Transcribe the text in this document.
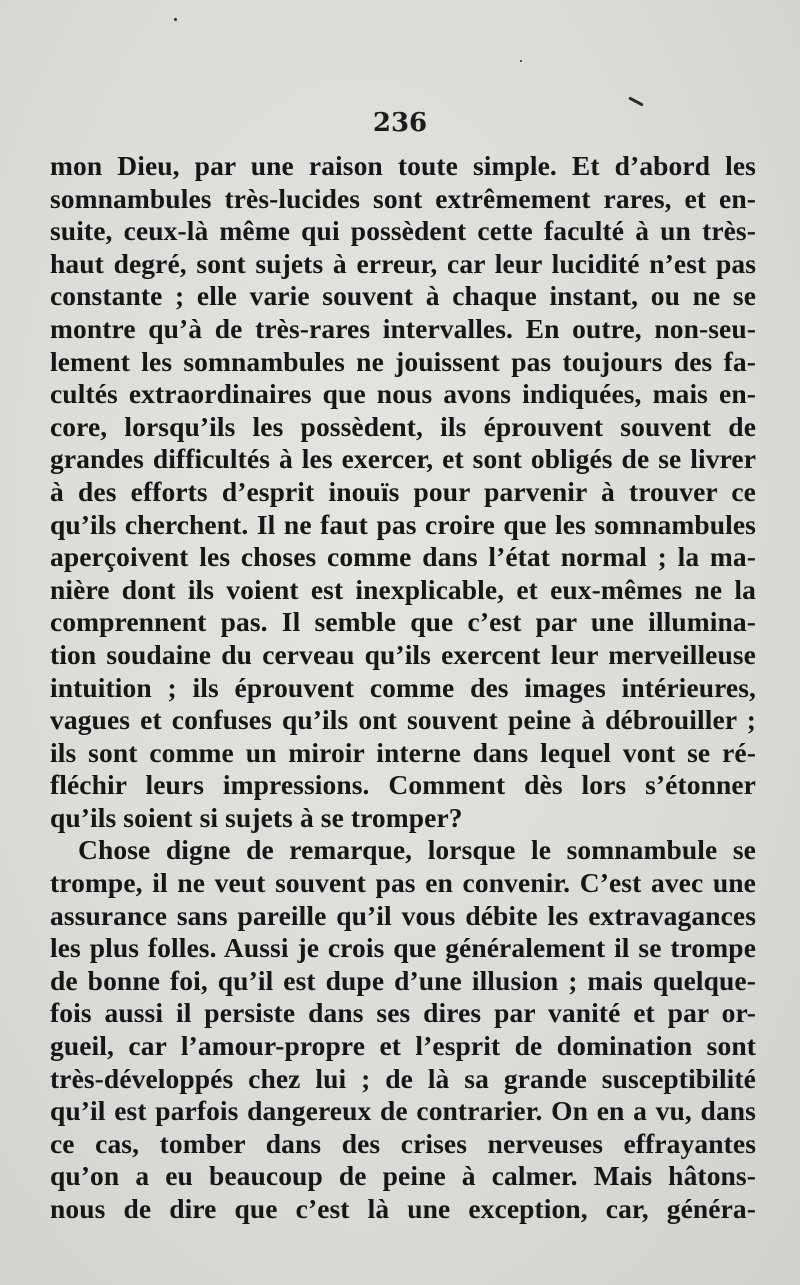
236
mon Dieu, par une raison toute simple. Et d’abord les
somnambules très-lucides sont extrêmement rares, et en-
suite, ceux-là même qui possèdent cette faculté à un très-
haut degré, sont sujets à erreur, car leur lucidité n’est pas
constante ; elle varie souvent à chaque instant, ou ne se
montre qu’à de très-rares intervalles. En outre, non-seu-
lement les somnambules ne jouissent pas toujours des fa-
cultés extraordinaires que nous avons indiquées, mais en-
core, lorsqu’ils les possèdent, ils éprouvent souvent de
grandes difficultés à les exercer, et sont obligés de se livrer
à des efforts d’esprit inouïs pour parvenir à trouver ce
qu’ils cherchent. Il ne faut pas croire que les somnambules
aperçoivent les choses comme dans l’état normal ; la ma-
nière dont ils voient est inexplicable, et eux-mêmes ne la
comprennent pas. Il semble que c’est par une illumina-
tion soudaine du cerveau qu’ils exercent leur merveilleuse
intuition ; ils éprouvent comme des images intérieures,
vagues et confuses qu’ils ont souvent peine à débrouiller ;
ils sont comme un miroir interne dans lequel vont se ré-
fléchir leurs impressions. Comment dès lors s’étonner
qu’ils soient si sujets à se tromper?
Chose digne de remarque, lorsque le somnambule se
trompe, il ne veut souvent pas en convenir. C’est avec une
assurance sans pareille qu’il vous débite les extravagances
les plus folles. Aussi je crois que généralement il se trompe
de bonne foi, qu’il est dupe d’une illusion ; mais quelque-
fois aussi il persiste dans ses dires par vanité et par or-
gueil, car l’amour-propre et l’esprit de domination sont
très-développés chez lui ; de là sa grande susceptibilité
qu’il est parfois dangereux de contrarier. On en a vu, dans
ce cas, tomber dans des crises nerveuses effrayantes
qu’on a eu beaucoup de peine à calmer. Mais hâtons-
nous de dire que c’est là une exception, car, généra-
